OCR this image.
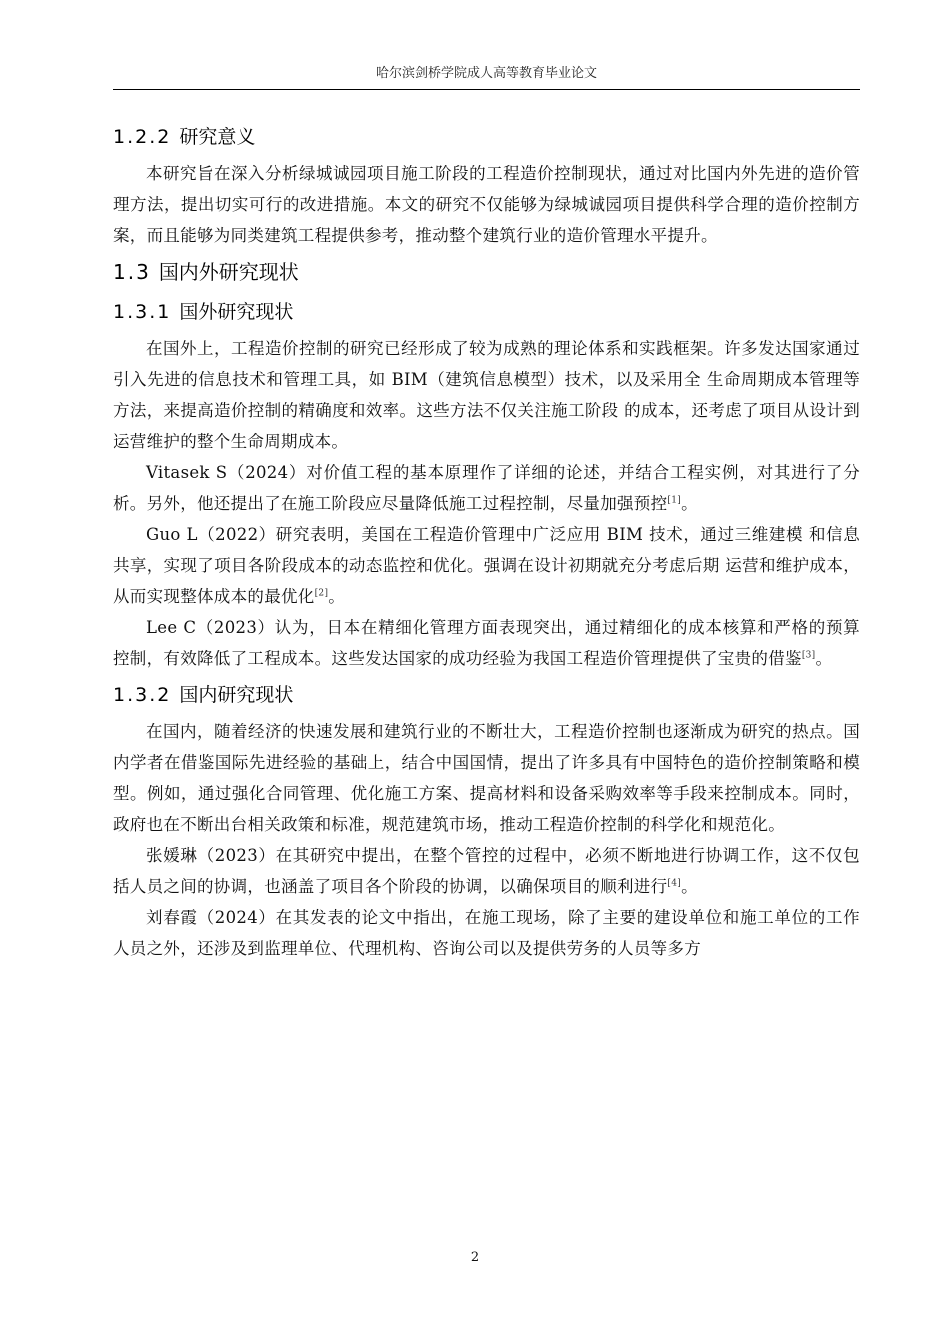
哈尔滨剑桥学院成人高等教育毕业论文
1.2.2 研究意义

本研究旨在深入分析绿城诚园项目施工阶段的工程造价控制现状，通过对比国内外先进的造价管理方法，提出切实可行的改进措施。本文的研究不仅能够为绿城诚园项目提供科学合理的造价控制方案，而且能够为同类建筑工程提供参考，推动整个建筑行业的造价管理水平提升。

1.3 国内外研究现状
1.3.1 国外研究现状

在国外上，工程造价控制的研究已经形成了较为成熟的理论体系和实践框架。许多发达国家通过引入先进的信息技术和管理工具，如 BIM（建筑信息模型）技术，以及采用全 生命周期成本管理等方法，来提高造价控制的精确度和效率。这些方法不仅关注施工阶段 的成本，还考虑了项目从设计到运营维护的整个生命周期成本。

Vitasek S（2024）对价值工程的基本原理作了详细的论述，并结合工程实例，对其进行了分析。另外，他还提出了在施工阶段应尽量降低施工过程控制，尽量加强预控[1]。

Guo L（2022）研究表明，美国在工程造价管理中广泛应用 BIM 技术，通过三维建模 和信息共享，实现了项目各阶段成本的动态监控和优化。强调在设计初期就充分考虑后期 运营和维护成本，从而实现整体成本的最优化[2]。

Lee C（2023）认为，日本在精细化管理方面表现突出，通过精细化的成本核算和严格的预算控制，有效降低了工程成本。这些发达国家的成功经验为我国工程造价管理提供了宝贵的借鉴[3]。

1.3.2 国内研究现状

在国内，随着经济的快速发展和建筑行业的不断壮大，工程造价控制也逐渐成为研究的热点。国内学者在借鉴国际先进经验的基础上，结合中国国情，提出了许多具有中国特色的造价控制策略和模型。例如，通过强化合同管理、优化施工方案、提高材料和设备采购效率等手段来控制成本。同时，政府也在不断出台相关政策和标准，规范建筑市场，推动工程造价控制的科学化和规范化。

张媛琳（2023）在其研究中提出，在整个管控的过程中，必须不断地进行协调工作，这不仅包括人员之间的协调，也涵盖了项目各个阶段的协调，以确保项目的顺利进行[4]。

刘春霞（2024）在其发表的论文中指出，在施工现场，除了主要的建设单位和施工单位的工作人员之外，还涉及到监理单位、代理机构、咨询公司以及提供劳务的人员等多方

2
